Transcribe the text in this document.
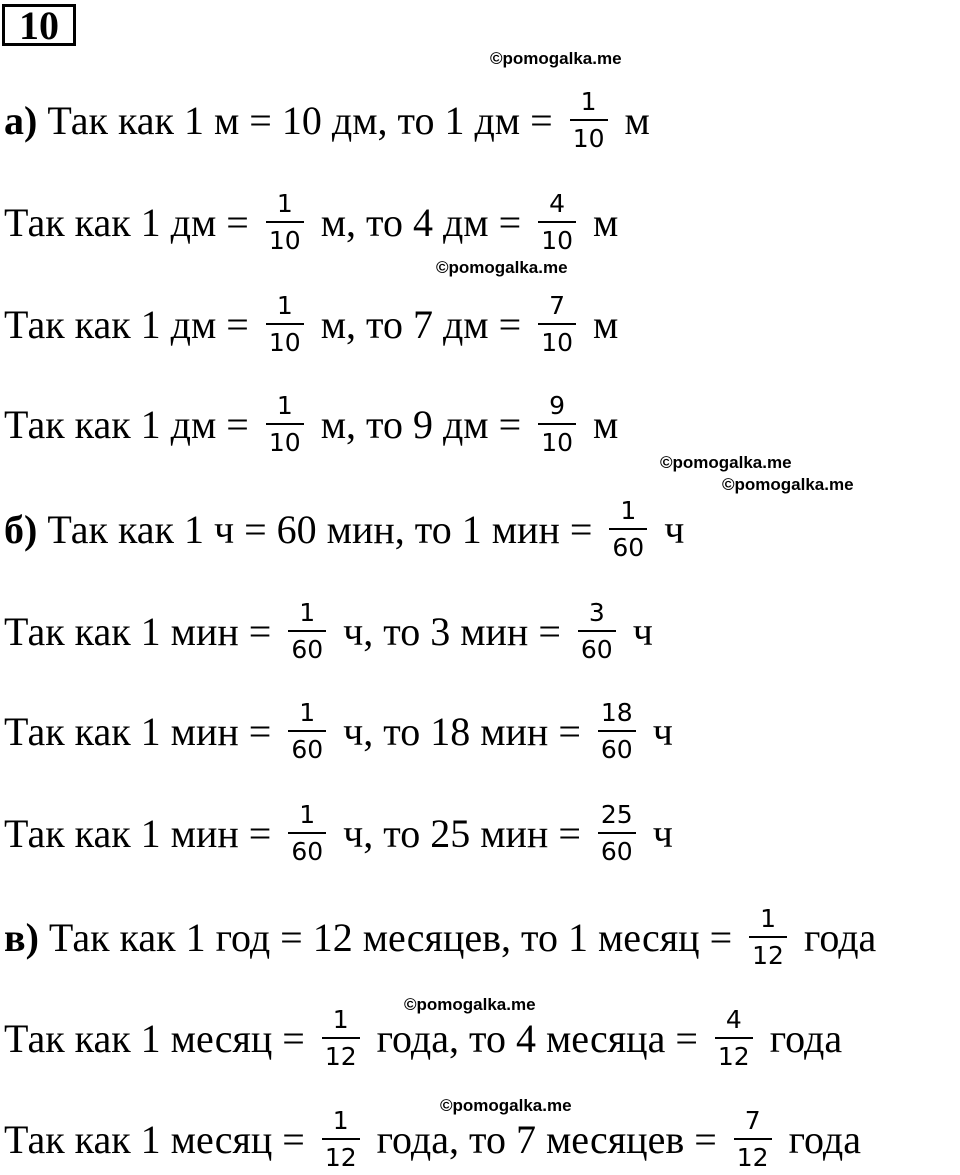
10
©pomogalka.me
©pomogalka.me
©pomogalka.me
©pomogalka.me
©pomogalka.me
©pomogalka.me
а) Так как 1 м = 10 дм, то 1 дм = $\frac{1}{10}$ м
Так как 1 дм = $\frac{1}{10} м$, то 4 дм = $\frac{4}{10}$ м
Так как 1 дм = $\frac{1}{10} м$, то 7 дм = $\frac{7}{10}$ м
Так как 1 дм = $\frac{1}{10} м$, то 9 дм = $\frac{9}{10}$ м
б) Так как 1 ч = 60 мин, то 1 мин = $\frac{1}{60}$ ч
Так как 1 мин = $\frac{1}{60} ч$, то 3 мин = $\frac{3}{60}$ ч
Так как 1 мин = $\frac{1}{60} ч$, то 18 мин = $\frac{18}{60}$ ч
Так как 1 мин = $\frac{1}{60} ч$, то 25 мин = $\frac{25}{60}$ ч
в) Так как 1 год = 12 месяцев, то 1 месяц = $\frac{1}{12}$ года
Так как 1 месяц = $\frac{1}{12}$ года, то 4 месяца = $\frac{4}{12}$ года
Так как 1 месяц = $\frac{1}{12}$ года, то 7 месяцев = $\frac{7}{12}$ года
